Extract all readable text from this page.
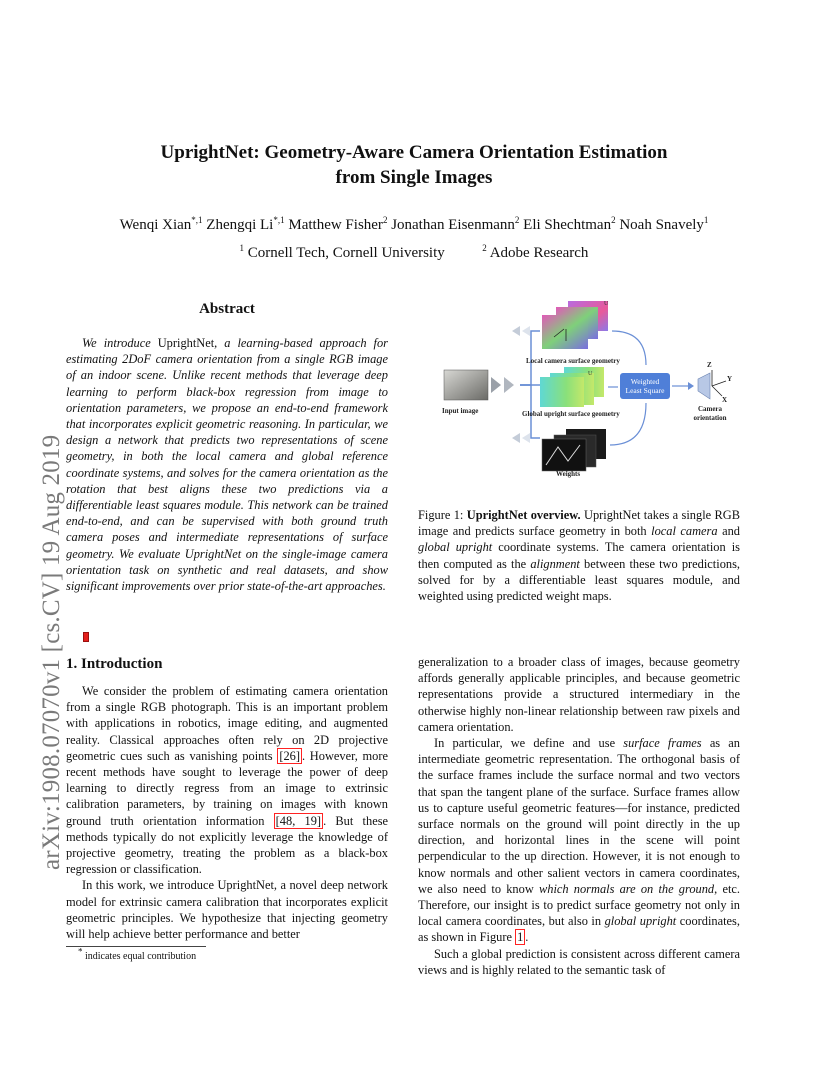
UprightNet: Geometry-Aware Camera Orientation Estimation
from Single Images
Wenqi Xian$^{*,1}$ Zhengqi $Li^{*,1}$ Matthew Fisher$^2$ Jonathan Eisenmann$^2$ Eli Shechtman$^2$ Noah Snavely$^1$
$^1$ Cornell Tech, Cornell University	$^2$ Adobe Research
arXiv:1908.07070v1 [cs.CV] 19 Aug 2019
Abstract

We introduce UprightNet, a learning-based approach for estimating 2DoF camera orientation from a single RGB image of an indoor scene. Unlike recent methods that leverage deep learning to perform black-box regression from image to orientation parameters, we propose an end-to-end framework that incorporates explicit geometric reasoning. In particular, we design a network that predicts two representations of scene geometry, in both the local camera and global reference coordinate systems, and solves for the camera orientation as the rotation that best aligns these two predictions via a differentiable least squares module. This network can be trained end-to-end, and can be supervised with both ground truth camera poses and intermediate representations of surface geometry. We evaluate UprightNet on the single-image camera orientation task on synthetic and real datasets, and show significant improvements over prior state-of-the-art approaches.

1. Introduction

We consider the problem of estimating camera orientation from a single RGB photograph. This is an important problem with applications in robotics, image editing, and augmented reality. Classical approaches often rely on 2D projective geometric cues such as vanishing points [26] . However, more recent methods have sought to leverage the power of deep learning to directly regress from an image to extrinsic calibration parameters, by training on images with known ground truth orientation information [48, 19] . But these methods typically do not explicitly leverage the knowledge of projective geometry, treating the problem as a black-box regression or classification.

In this work, we introduce UprightNet, a novel deep network model for extrinsic camera calibration that incorporates explicit geometric principles. We hypothesize that injecting geometry will help achieve better performance and better

* indicates equal contribution
U
U
Input image
Local camera surface geometry
Global upright surface geometry
Weights
Weighted
Least Square
Camera
orientation
Z
Y
X
Figure 1: UprightNet overview. UprightNet takes a single RGB image and predicts surface geometry in both local camera and global upright coordinate systems. The camera orientation is then computed as the alignment between these two predictions, solved for by a differentiable least squares module, and weighted using predicted weight maps.

generalization to a broader class of images, because geometry affords generally applicable principles, and because geometric representations provide a structured intermediary in the otherwise highly non-linear relationship between raw pixels and camera orientation.

In particular, we define and use surface frames as an intermediate geometric representation. The orthogonal basis of the surface frames include the surface normal and two vectors that span the tangent plane of the surface. Surface frames allow us to capture useful geometric features—for instance, predicted surface normals on the ground will point directly in the up direction, and horizontal lines in the scene will point perpendicular to the up direction. However, it is not enough to know normals and other salient vectors in camera coordinates, we also need to know which normals are on the ground, etc. Therefore, our insight is to predict surface geometry not only in local camera coordinates, but also in global upright coordinates, as shown in Figure 1 .

Such a global prediction is consistent across different camera views and is highly related to the semantic task of
